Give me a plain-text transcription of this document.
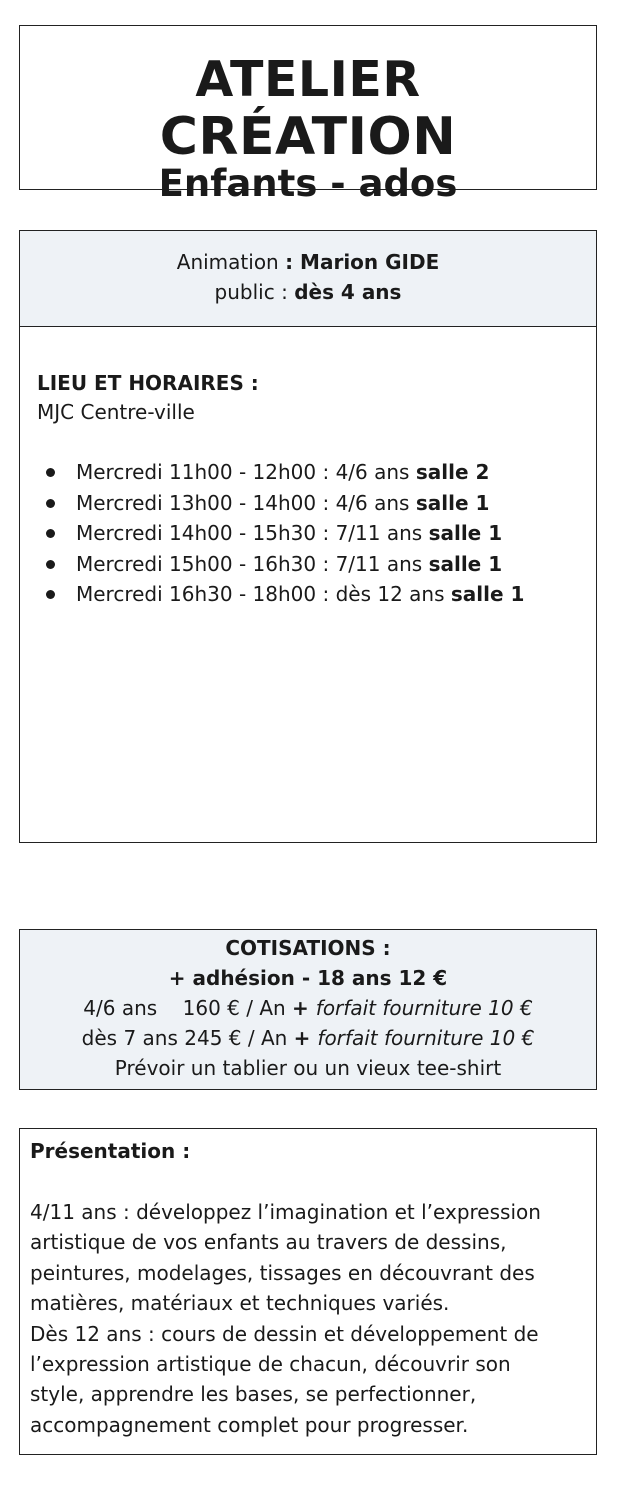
ATELIER
CRÉATION
Enfants - ados
Animation : Marion GIDE
public : dès 4 ans
LIEU ET HORAIRES :
MJC Centre-ville
Mercredi 11h00 - 12h00 : 4/6 ans salle 2
Mercredi 13h00 - 14h00 : 4/6 ans salle 1
Mercredi 14h00 - 15h30 : 7/11 ans salle 1
Mercredi 15h00 - 16h30 : 7/11 ans salle 1
Mercredi 16h30 - 18h00 : dès 12 ans salle 1
COTISATIONS :
+ adhésion - 18 ans 12 €
4/6 ans    160 € / An + forfait fourniture 10 €
dès 7 ans 245 € / An + forfait fourniture 10 €
Prévoir un tablier ou un vieux tee-shirt
Présentation :
4/11 ans : développez l’imagination et l’expression
artistique de vos enfants au travers de dessins,
peintures, modelages, tissages en découvrant des
matières, matériaux et techniques variés.
Dès 12 ans : cours de dessin et développement de
l’expression artistique de chacun, découvrir son
style, apprendre les bases, se perfectionner,
accompagnement complet pour progresser.
